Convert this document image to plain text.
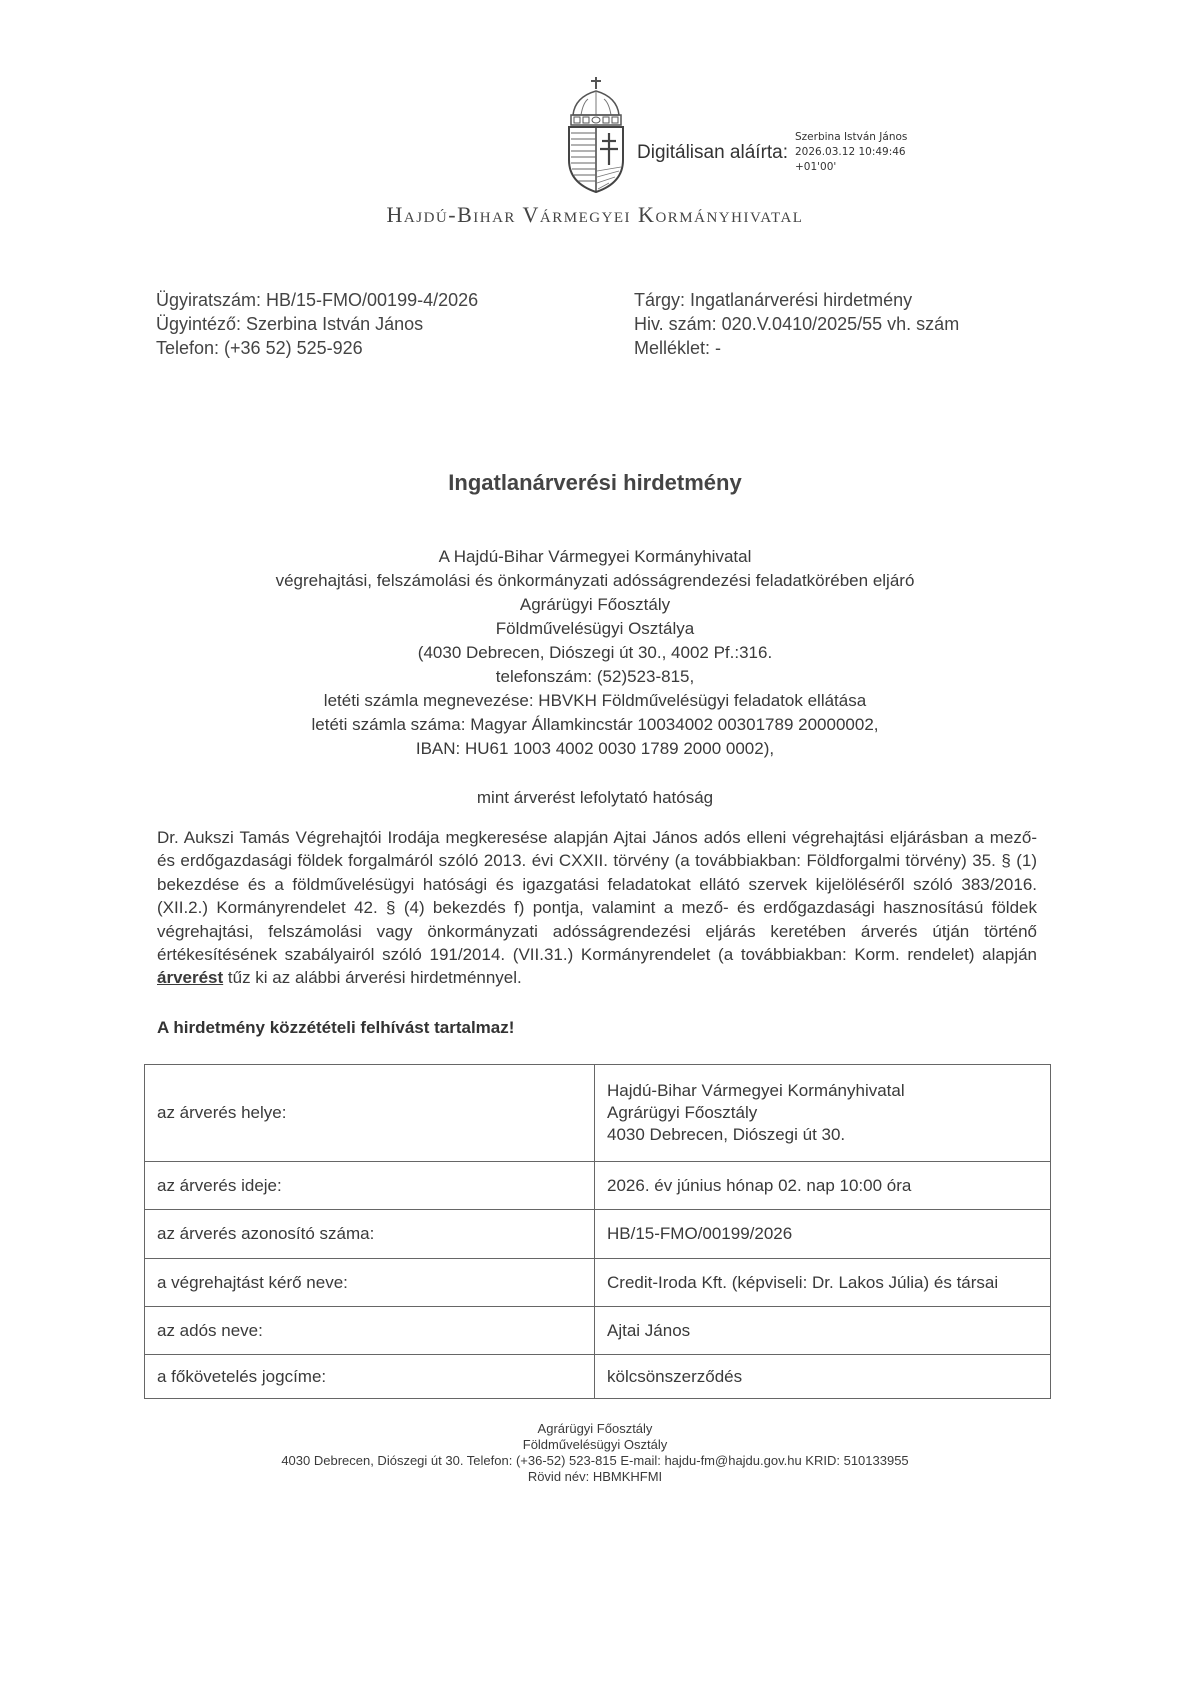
Digitálisan aláírta:
Szerbina István János
2026.03.12 10:49:46
+01'00'
Hajdú-Bihar Vármegyei Kormányhivatal
Ügyiratszám: HB/15-FMO/00199-4/2026
Ügyintéző: Szerbina István János
Telefon: (+36 52) 525-926
Tárgy: Ingatlanárverési hirdetmény
Hiv. szám: 020.V.0410/2025/55 vh. szám
Melléklet: -
Ingatlanárverési hirdetmény
A Hajdú-Bihar Vármegyei Kormányhivatal
végrehajtási, felszámolási és önkormányzati adósságrendezési feladatkörében eljáró
Agrárügyi Főosztály
Földművelésügyi Osztálya
(4030 Debrecen, Diószegi út 30., 4002 Pf.:316.
telefonszám: (52)523-815,
letéti számla megnevezése: HBVKH Földművelésügyi feladatok ellátása
letéti számla száma: Magyar Államkincstár 10034002 00301789 20000002,
IBAN: HU61 1003 4002 0030 1789 2000 0002),
mint árverést lefolytató hatóság
Dr. Aukszi Tamás Végrehajtói Irodája megkeresése alapján Ajtai János adós elleni végrehajtási eljárásban a mező- és erdőgazdasági földek forgalmáról szóló 2013. évi CXXII. törvény (a továbbiakban: Földforgalmi törvény) 35. § (1) bekezdése és a földművelésügyi hatósági és igazgatási feladatokat ellátó szervek kijelöléséről szóló 383/2016. (XII.2.) Kormányrendelet 42. § (4) bekezdés f) pontja, valamint a mező- és erdőgazdasági hasznosítású földek végrehajtási, felszámolási vagy önkormányzati adósságrendezési eljárás keretében árverés útján történő értékesítésének szabályairól szóló 191/2014. (VII.31.) Kormányrendelet (a továbbiakban: Korm. rendelet) alapján árverést tűz ki az alábbi árverési hirdetménnyel.
A hirdetmény közzétételi felhívást tartalmaz!
az árverés helye:	Hajdú-Bihar Vármegyei Kormányhivatal
Agrárügyi Főosztály
4030 Debrecen, Diószegi út 30.

az árverés ideje:	2026. év június hónap 02. nap 10:00 óra
az árverés azonosító száma:	HB/15-FMO/00199/2026
a végrehajtást kérő neve:	Credit-Iroda Kft. (képviseli: Dr. Lakos Júlia) és társai
az adós neve:	Ajtai János
a főkövetelés jogcíme:	kölcsönszerződés
Agrárügyi Főosztály
Földművelésügyi Osztály
4030 Debrecen, Diószegi út 30. Telefon: (+36-52) 523-815 E-mail: hajdu-fm@hajdu.gov.hu KRID: 510133955
Rövid név: HBMKHFMI
